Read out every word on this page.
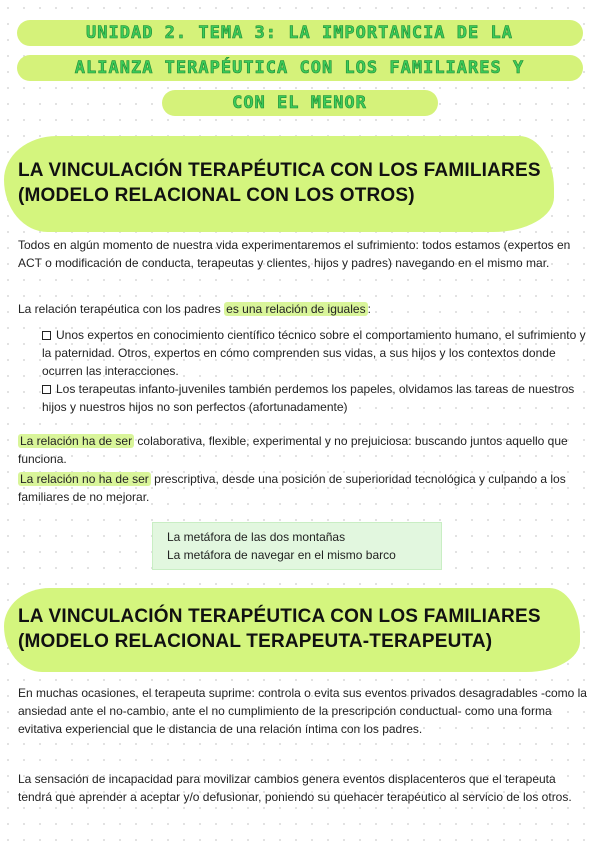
UNIDAD 2. TEMA 3: LA IMPORTANCIA DE LA
ALIANZA TERAPÉUTICA CON LOS FAMILIARES Y
CON EL MENOR
LA VINCULACIÓN TERAPÉUTICA CON LOS FAMILIARES
(MODELO RELACIONAL CON LOS OTROS)

Todos en algún momento de nuestra vida experimentaremos el sufrimiento: todos estamos (expertos en ACT o modificación de conducta, terapeutas y clientes, hijos y padres) navegando en el mismo mar.

La relación terapéutica con los padres es una relación de iguales :

Unos expertos en conocimiento científico técnico sobre el comportamiento humano, el sufrimiento y la paternidad. Otros, expertos en cómo comprenden sus vidas, a sus hijos y los contextos donde ocurren las interacciones.
Los terapeutas infanto-juveniles también perdemos los papeles, olvidamos las tareas de nuestros hijos y nuestros hijos no son perfectos (afortunadamente)

La relación ha de ser colaborativa, flexible, experimental y no prejuiciosa: buscando juntos aquello que funciona.

La relación no ha de ser prescriptiva, desde una posición de superioridad tecnológica y culpando a los familiares de no mejorar.

La metáfora de las dos montañas
La metáfora de navegar en el mismo barco
LA VINCULACIÓN TERAPÉUTICA CON LOS FAMILIARES
(MODELO RELACIONAL TERAPEUTA-TERAPEUTA)

En muchas ocasiones, el terapeuta suprime: controla o evita sus eventos privados desagradables -como la ansiedad ante el no-cambio, ante el no cumplimiento de la prescripción conductual- como una forma evitativa experiencial que le distancia de una relación íntima con los padres.

La sensación de incapacidad para movilizar cambios genera eventos displacenteros que el terapeuta tendrá que aprender a aceptar y/o defusionar, poniendo su quehacer terapéutico al servicio de los otros.
